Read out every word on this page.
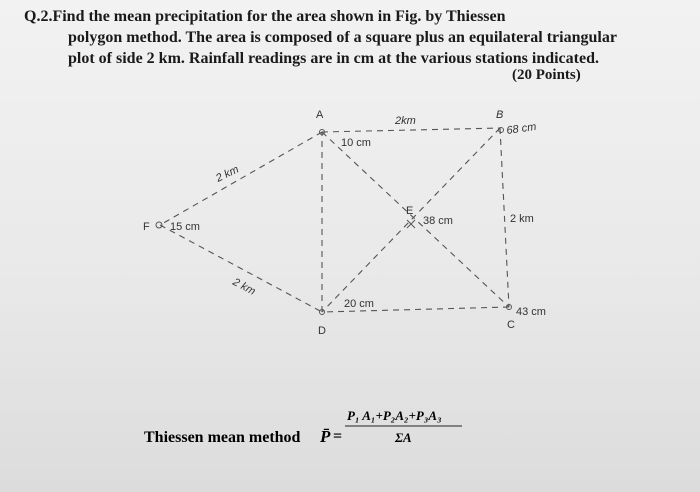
Q.2.Find the mean precipitation for the area shown in Fig. by Thiessen
polygon method. The area is composed of a square plus an equilateral triangular
plot of side 2 km. Rainfall readings are in cm at the various stations indicated.
(20 Points)
A	B
C
D
E
F
10 cm
68 cm
43 cm
20 cm
38 cm
15 cm
2km
2 km
2 km
2 km
Thiessen mean method P̄ =
P₁ A₁+P₂A₂+P₃A₃
ΣA
